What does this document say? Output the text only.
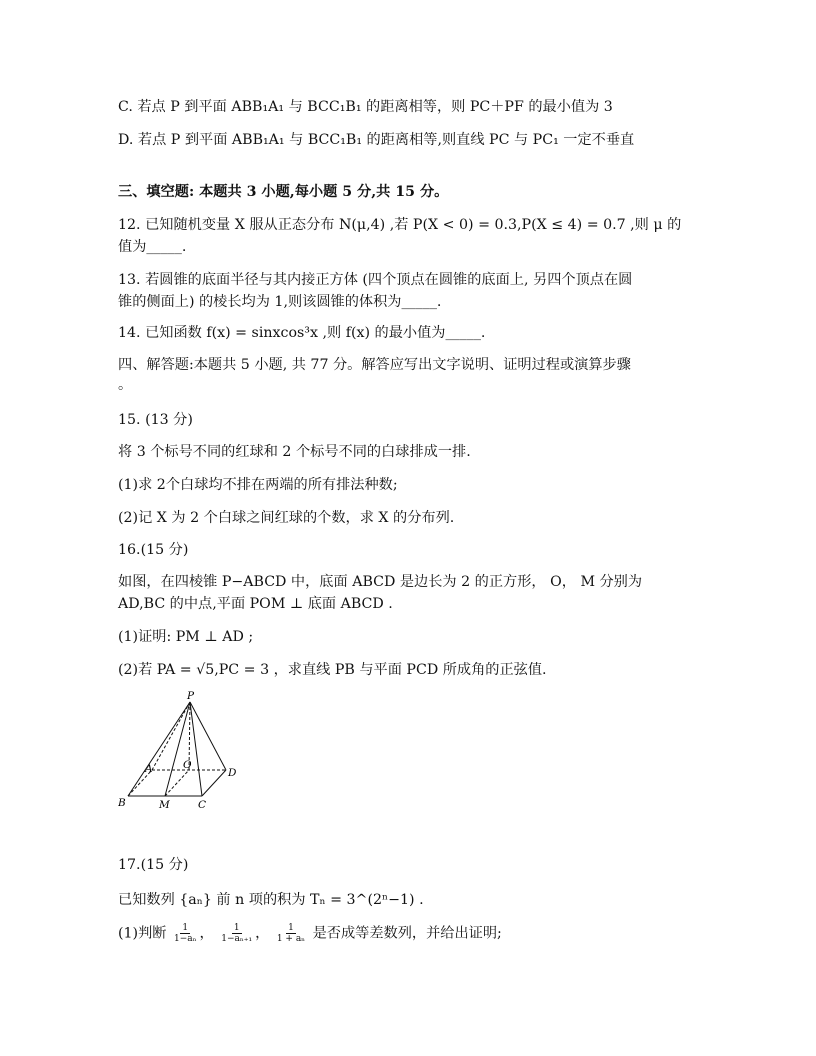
C. 若点 P 到平面 ABB₁A₁ 与 BCC₁B₁ 的距离相等，则 PC＋PF 的最小值为 3
D. 若点 P 到平面 ABB₁A₁ 与 BCC₁B₁ 的距离相等,则直线 PC 与 PC₁ 一定不垂直
三、填空题: 本题共 3 小题,每小题 5 分,共 15 分。
12. 已知随机变量 X 服从正态分布 N(μ,4) ,若 P(X < 0) = 0.3,P(X ≤ 4) = 0.7 ,则 μ 的
值为_____.
13. 若圆锥的底面半径与其内接正方体 (四个顶点在圆锥的底面上, 另四个顶点在圆
锥的侧面上) 的棱长均为 1,则该圆锥的体积为_____.
14. 已知函数 f(x) = sinxcos³x ,则 f(x) 的最小值为_____.
四、解答题:本题共 5 小题, 共 77 分。解答应写出文字说明、证明过程或演算步骤
。
15. (13 分)
将 3 个标号不同的红球和 2 个标号不同的白球排成一排.
(1)求 2个白球均不排在两端的所有排法种数;
(2)记 X 为 2 个白球之间红球的个数，求 X 的分布列.
16.(15 分)
如图，在四棱锥 P−ABCD 中，底面 ABCD 是边长为 2 的正方形， O， M 分别为
AD,BC 的中点,平面 POM ⊥ 底面 ABCD .
(1)证明: PM ⊥ AD ;
(2)若 PA = √5,PC = 3 ，求直线 PB 与平面 PCD 所成角的正弦值.
P
A
B	C
D
O
M
17.(15 分)
已知数列 {aₙ} 前 n 项的积为 Tₙ = 3^(2ⁿ−1) .
(1)判断 $\frac{1}{\text{1−aₙ}}$ ， $\frac{1}{\text{1−aₙ₊₁}}$ ， $\frac{1}{\text{1 + aₙ}}$ 是否成等差数列，并给出证明;
